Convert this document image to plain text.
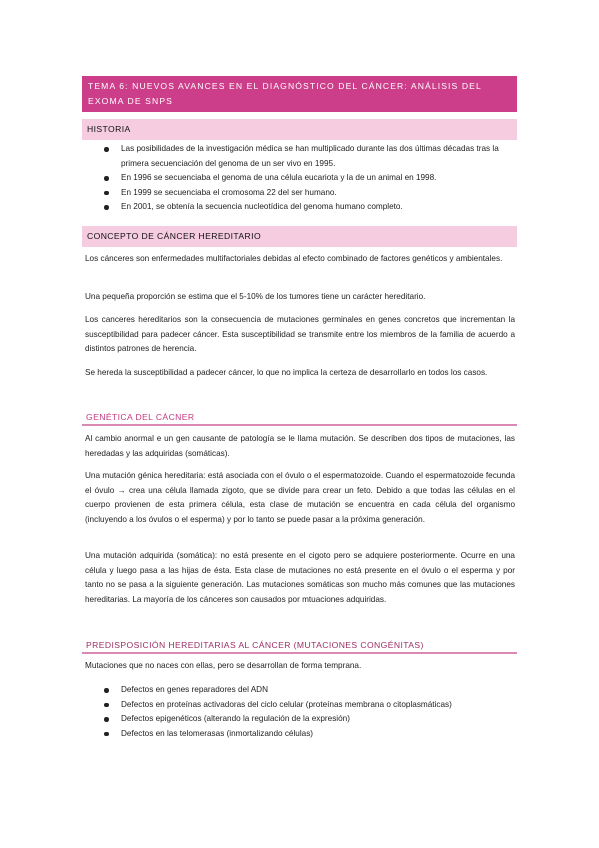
TEMA 6: NUEVOS AVANCES EN EL DIAGNÓSTICO DEL CÁNCER: ANÁLISIS DEL EXOMA DE SNPS
HISTORIA
Las posibilidades de la investigación médica se han multiplicado durante las dos últimas décadas tras la primera secuenciación del genoma de un ser vivo en 1995.
En 1996 se secuenciaba el genoma de una célula eucariota y la de un animal en 1998.
En 1999 se secuenciaba el cromosoma 22 del ser humano.
En 2001, se obtenía la secuencia nucleotídica del genoma humano completo.
CONCEPTO DE CÁNCER HEREDITARIO

Los cánceres son enfermedades multifactoriales debidas al efecto combinado de factores genéticos y ambientales.

Una pequeña proporción se estima que el 5-10% de los tumores tiene un carácter hereditario.

Los canceres hereditarios son la consecuencia de mutaciones germinales en genes concretos que incrementan la susceptibilidad para padecer cáncer. Esta susceptibilidad se transmite entre los miembros de la familia de acuerdo a distintos patrones de herencia.

Se hereda la susceptibilidad a padecer cáncer, lo que no implica la certeza de desarrollarlo en todos los casos.

GENÉTICA DEL CÁCNER

Al cambio anormal e un gen causante de patología se le llama mutación. Se describen dos tipos de mutaciones, las heredadas y las adquiridas (somáticas).

Una mutación génica hereditaria: está asociada con el óvulo o el espermatozoide. Cuando el espermatozoide fecunda el óvulo → crea una célula llamada zigoto, que se divide para crear un feto. Debido a que todas las células en el cuerpo provienen de esta primera célula, esta clase de mutación se encuentra en cada célula del organismo (incluyendo a los óvulos o el esperma) y por lo tanto se puede pasar a la próxima generación.

Una mutación adquirida (somática): no está presente en el cigoto pero se adquiere posteriormente. Ocurre en una célula y luego pasa a las hijas de ésta. Esta clase de mutaciones no está presente en el óvulo o el esperma y por tanto no se pasa a la siguiente generación. Las mutaciones somáticas son mucho más comunes que las mutaciones hereditarias. La mayoría de los cánceres son causados por mtuaciones adquiridas.

PREDISPOSICIÓN HEREDITARIAS AL CÁNCER (MUTACIONES CONGÉNITAS)

Mutaciones que no naces con ellas, pero se desarrollan de forma temprana.

Defectos en genes reparadores del ADN
Defectos en proteínas activadoras del ciclo celular (proteínas membrana o citoplasmáticas)
Defectos epigenéticos (alterando la regulación de la expresión)
Defectos en las telomerasas (inmortalizando células)
